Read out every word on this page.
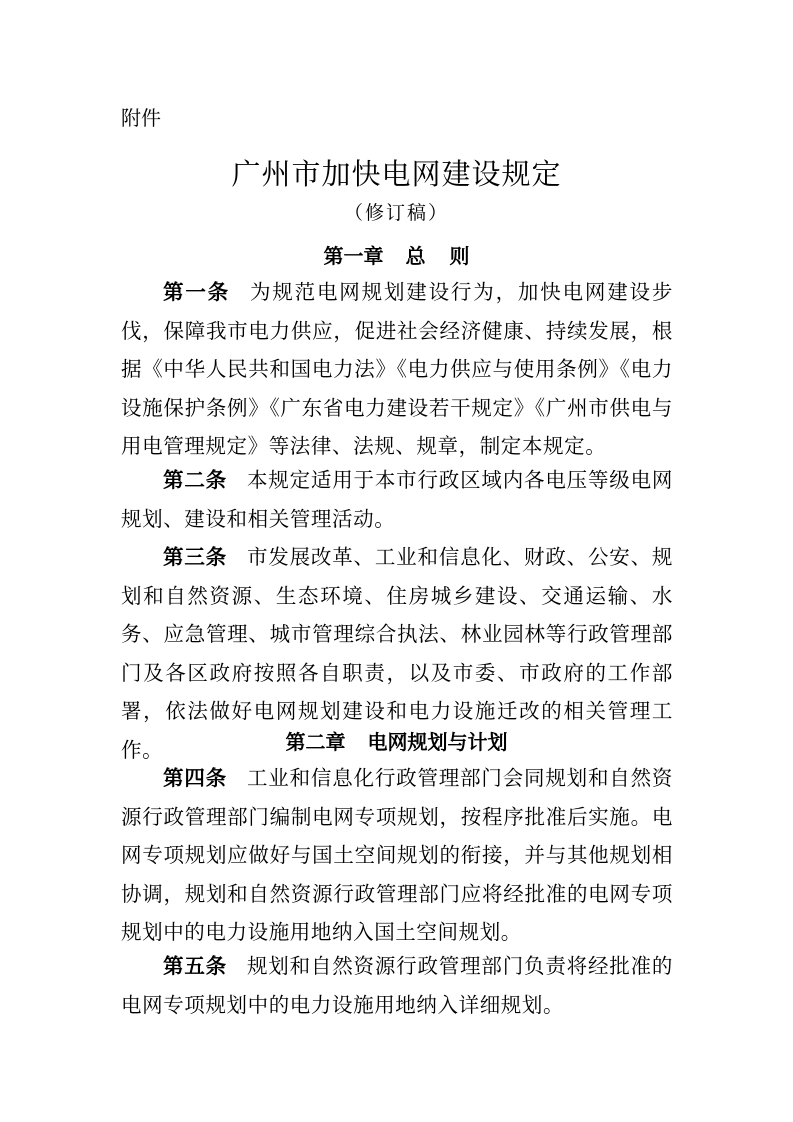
附件
广州市加快电网建设规定
（修订稿）
第一章 总 则

第一条 为规范电网规划建设行为，加快电网建设步伐，保障我市电力供应，促进社会经济健康、持续发展，根据《中华人民共和国电力法》《电力供应与使用条例》《电力设施保护条例》《广东省电力建设若干规定》《广州市供电与用电管理规定》等法律、法规、规章，制定本规定。

第二条 本规定适用于本市行政区域内各电压等级电网规划、建设和相关管理活动。

第三条 市发展改革、工业和信息化、财政、公安、规划和自然资源、生态环境、住房城乡建设、交通运输、水务、应急管理、城市管理综合执法、林业园林等行政管理部门及各区政府按照各自职责，以及市委、市政府的工作部署，依法做好电网规划建设和电力设施迁改的相关管理工作。	第二章 电网规划与计划

第四条 工业和信息化行政管理部门会同规划和自然资源行政管理部门编制电网专项规划，按程序批准后实施。电网专项规划应做好与国土空间规划的衔接，并与其他规划相协调，规划和自然资源行政管理部门应将经批准的电网专项规划中的电力设施用地纳入国土空间规划。

第五条 规划和自然资源行政管理部门负责将经批准的电网专项规划中的电力设施用地纳入详细规划。
